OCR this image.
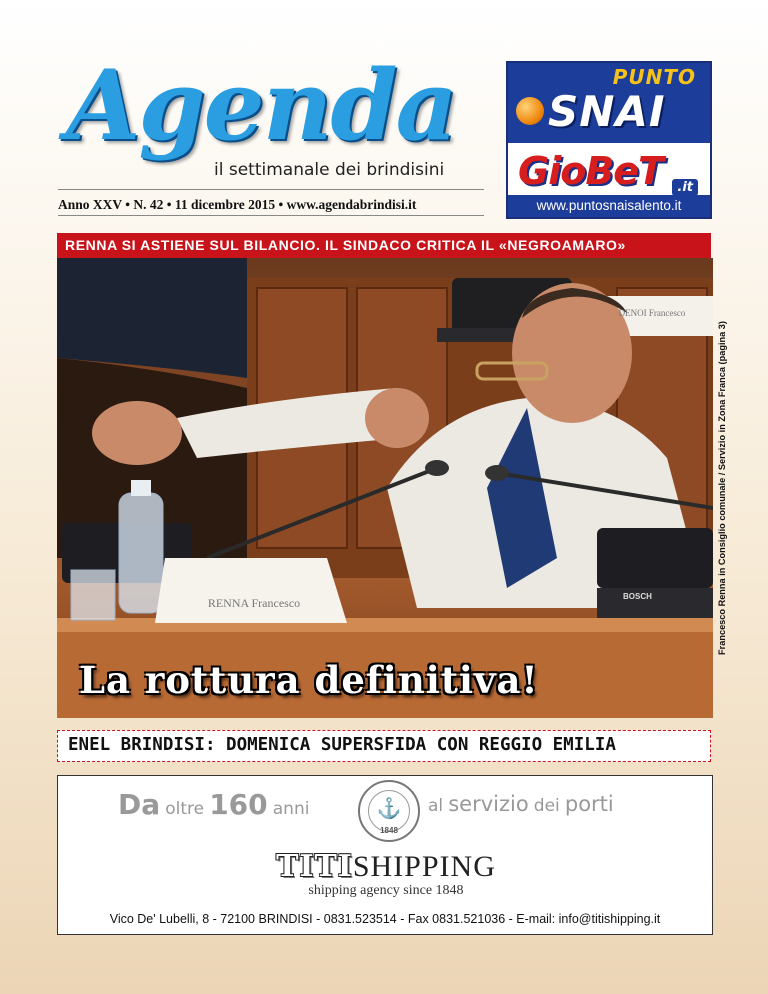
Agenda
il settimanale dei brindisini
Anno XXV • N. 42 • 11 dicembre 2015 • www.agendabrindisi.it
PUNTO
SNAI
GioBeT	.it
www.puntosnaisalento.it
RENNA SI ASTIENE SUL BILANCIO. IL SINDACO CRITICA IL «NEGROAMARO»
RENNA Francesco
DENOI Francesco
BOSCH
La rottura definitiva!
Francesco Renna in Consiglio comunale / Servizio in Zona Franca (pagina 3)
ENEL BRINDISI: DOMENICA SUPERSFIDA CON REGGIO EMILIA
Da oltre 160 anni	⚓
1848
al servizio dei porti
TITISHIPPING
shipping agency since 1848
Vico De' Lubelli, 8 - 72100 BRINDISI - 0831.523514 - Fax 0831.521036 - E-mail: info@titishipping.it
